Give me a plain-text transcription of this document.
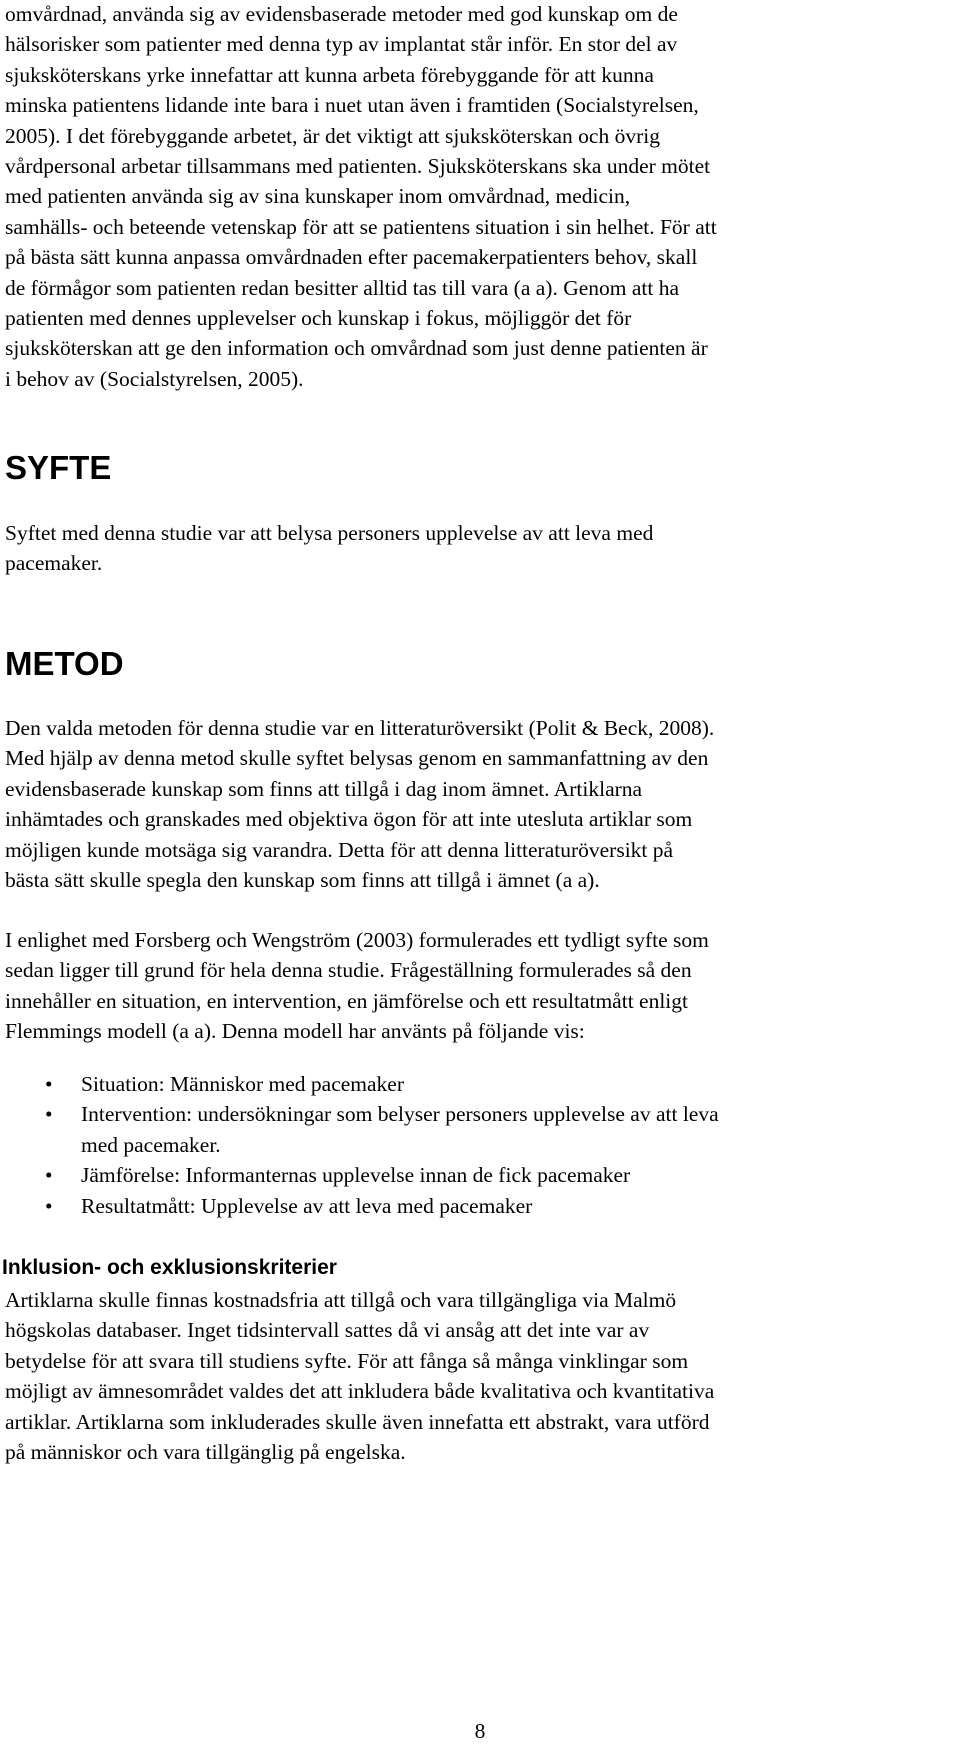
omvårdnad, använda sig av evidensbaserade metoder med god kunskap om de
hälsorisker som patienter med denna typ av implantat står inför. En stor del av
sjuksköterskans yrke innefattar att kunna arbeta förebyggande för att kunna
minska patientens lidande inte bara i nuet utan även i framtiden (Socialstyrelsen,
2005). I det förebyggande arbetet, är det viktigt att sjuksköterskan och övrig
vårdpersonal arbetar tillsammans med patienten. Sjuksköterskans ska under mötet
med patienten använda sig av sina kunskaper inom omvårdnad, medicin,
samhälls- och beteende vetenskap för att se patientens situation i sin helhet. För att
på bästa sätt kunna anpassa omvårdnaden efter pacemakerpatienters behov, skall
de förmågor som patienten redan besitter alltid tas till vara (a a). Genom att ha
patienten med dennes upplevelser och kunskap i fokus, möjliggör det för
sjuksköterskan att ge den information och omvårdnad som just denne patienten är
i behov av (Socialstyrelsen, 2005).

SYFTE

Syftet med denna studie var att belysa personers upplevelse av att leva med
pacemaker.

METOD

Den valda metoden för denna studie var en litteraturöversikt (Polit & Beck, 2008).
Med hjälp av denna metod skulle syftet belysas genom en sammanfattning av den
evidensbaserade kunskap som finns att tillgå i dag inom ämnet. Artiklarna
inhämtades och granskades med objektiva ögon för att inte utesluta artiklar som
möjligen kunde motsäga sig varandra. Detta för att denna litteraturöversikt på
bästa sätt skulle spegla den kunskap som finns att tillgå i ämnet (a a).

I enlighet med Forsberg och Wengström (2003) formulerades ett tydligt syfte som
sedan ligger till grund för hela denna studie. Frågeställning formulerades så den
innehåller en situation, en intervention, en jämförelse och ett resultatmått enligt
Flemmings modell (a a). Denna modell har använts på följande vis:

• Situation: Människor med pacemaker
• Intervention: undersökningar som belyser personers upplevelse av att leva
med pacemaker.
• Jämförelse: Informanternas upplevelse innan de fick pacemaker
• Resultatmått: Upplevelse av att leva med pacemaker
Inklusion- och exklusionskriterier

Artiklarna skulle finnas kostnadsfria att tillgå och vara tillgängliga via Malmö
högskolas databaser. Inget tidsintervall sattes då vi ansåg att det inte var av
betydelse för att svara till studiens syfte. För att fånga så många vinklingar som
möjligt av ämnesområdet valdes det att inkludera både kvalitativa och kvantitativa
artiklar. Artiklarna som inkluderades skulle även innefatta ett abstrakt, vara utförd
på människor och vara tillgänglig på engelska.

8
